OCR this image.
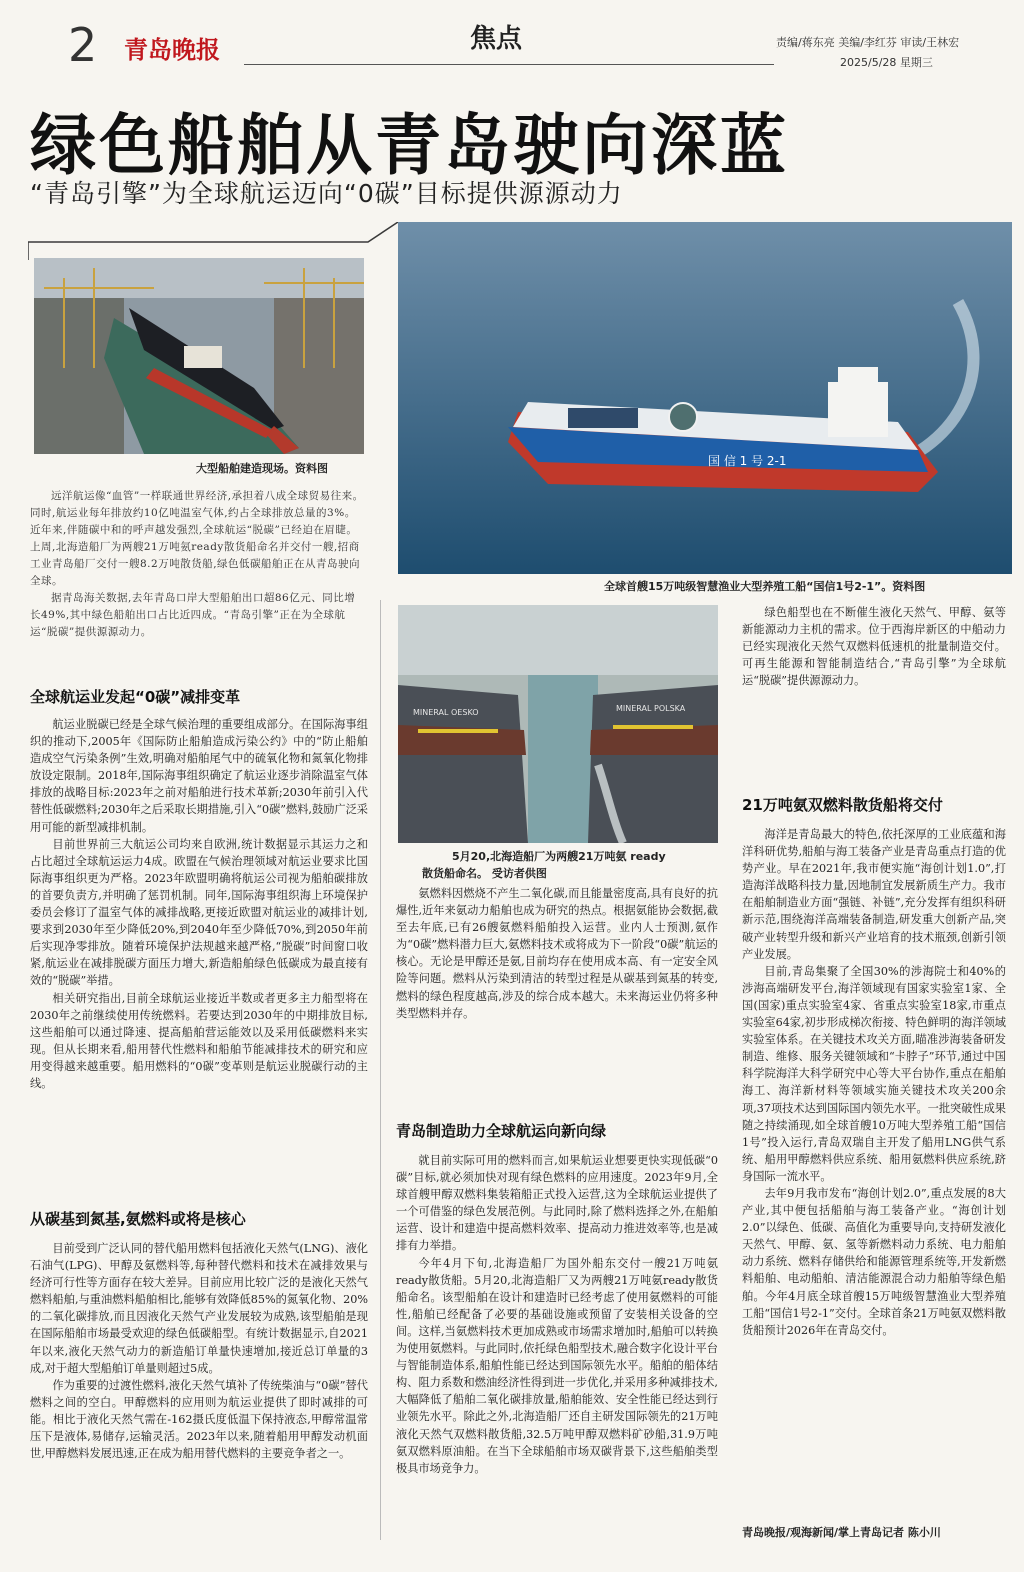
2 青岛晚报	焦点	责编/蒋东亮 美编/李红芬 审读/王林宏
2025/5/28 星期三
绿色船舶从青岛驶向深蓝
“青岛引擎”为全球航运迈向“0碳”目标提供源源动力
大型船舶建造现场。资料图
国 信 1 号 2-1
全球首艘15万吨级智慧渔业大型养殖工船“国信1号2-1”。资料图
MINERAL OESKO	MINERAL POLSKA
5月20,北海造船厂为两艘21万吨氨 ready
散货船命名。 受访者供图

远洋航运像“血管”一样联通世界经济,承担着八成全球贸易往来。同时,航运业每年排放约10亿吨温室气体,约占全球排放总量的3%。近年来,伴随碳中和的呼声越发强烈,全球航运“脱碳”已经迫在眉睫。上周,北海造船厂为两艘21万吨氨ready散货船命名并交付一艘,招商工业青岛船厂交付一艘8.2万吨散货船,绿色低碳船舶正在从青岛驶向全球。

据青岛海关数据,去年青岛口岸大型船舶出口超86亿元、同比增长49%,其中绿色船舶出口占比近四成。“青岛引擎”正在为全球航运“脱碳”提供源源动力。

全球航运业发起“0碳”减排变革

航运业脱碳已经是全球气候治理的重要组成部分。在国际海事组织的推动下,2005年《国际防止船舶造成污染公约》中的“防止船舶造成空气污染条例”生效,明确对船舶尾气中的硫氧化物和氮氧化物排放设定限制。2018年,国际海事组织确定了航运业逐步消除温室气体排放的战略目标:2023年之前对船舶进行技术革新;2030年前引入代替性低碳燃料;2030年之后采取长期措施,引入“0碳”燃料,鼓励广泛采用可能的新型减排机制。

目前世界前三大航运公司均来自欧洲,统计数据显示其运力之和占比超过全球航运运力4成。欧盟在气候治理领域对航运业要求比国际海事组织更为严格。2023年欧盟明确将航运公司视为船舶碳排放的首要负责方,并明确了惩罚机制。同年,国际海事组织海上环境保护委员会修订了温室气体的减排战略,更接近欧盟对航运业的减排计划,要求到2030年至少降低20%,到2040年至少降低70%,到2050年前后实现净零排放。随着环境保护法规越来越严格,“脱碳”时间窗口收紧,航运业在减排脱碳方面压力增大,新造船舶绿色低碳成为最直接有效的“脱碳”举措。

相关研究指出,目前全球航运业接近半数或者更多主力船型将在2030年之前继续使用传统燃料。若要达到2030年的中期排放目标,这些船舶可以通过降速、提高船舶营运能效以及采用低碳燃料来实现。但从长期来看,船用替代性燃料和船舶节能减排技术的研究和应用变得越来越重要。船用燃料的“0碳”变革则是航运业脱碳行动的主线。

从碳基到氮基,氨燃料或将是核心

目前受到广泛认同的替代船用燃料包括液化天然气(LNG)、液化石油气(LPG)、甲醇及氨燃料等,每种替代燃料和技术在减排效果与经济可行性等方面存在较大差异。目前应用比较广泛的是液化天然气燃料船舶,与重油燃料船舶相比,能够有效降低85%的氮氧化物、20%的二氧化碳排放,而且因液化天然气产业发展较为成熟,该型船舶是现在国际船舶市场最受欢迎的绿色低碳船型。有统计数据显示,自2021年以来,液化天然气动力的新造船订单量快速增加,接近总订单量的3成,对于超大型船舶订单量则超过5成。

作为重要的过渡性燃料,液化天然气填补了传统柴油与“0碳”替代燃料之间的空白。甲醇燃料的应用则为航运业提供了即时减排的可能。相比于液化天然气需在-162摄氏度低温下保持液态,甲醇常温常压下是液体,易储存,运输灵活。2023年以来,随着船用甲醇发动机面世,甲醇燃料发展迅速,正在成为船用替代燃料的主要竞争者之一。

氨燃料因燃烧不产生二氧化碳,而且能量密度高,具有良好的抗爆性,近年来氨动力船舶也成为研究的热点。根据氨能协会数据,截至去年底,已有26艘氨燃料船舶投入运营。业内人士预测,氨作为“0碳”燃料潜力巨大,氨燃料技术或将成为下一阶段“0碳”航运的核心。无论是甲醇还是氨,目前均存在使用成本高、有一定安全风险等问题。燃料从污染到清洁的转型过程是从碳基到氮基的转变,燃料的绿色程度越高,涉及的综合成本越大。未来海运业仍将多种类型燃料并存。

青岛制造助力全球航运向新向绿

就目前实际可用的燃料而言,如果航运业想要更快实现低碳“0碳”目标,就必须加快对现有绿色燃料的应用速度。2023年9月,全球首艘甲醇双燃料集装箱船正式投入运营,这为全球航运业提供了一个可借鉴的绿色发展范例。与此同时,除了燃料选择之外,在船舶运营、设计和建造中提高燃料效率、提高动力推进效率等,也是减排有力举措。

今年4月下旬,北海造船厂为国外船东交付一艘21万吨氨ready散货船。5月20,北海造船厂又为两艘21万吨氨ready散货船命名。该型船舶在设计和建造时已经考虑了使用氨燃料的可能性,船舶已经配备了必要的基础设施或预留了安装相关设备的空间。这样,当氨燃料技术更加成熟或市场需求增加时,船舶可以转换为使用氨燃料。与此同时,依托绿色船型技术,融合数字化设计平台与智能制造体系,船舶性能已经达到国际领先水平。船舶的船体结构、阻力系数和燃油经济性得到进一步优化,并采用多种减排技术,大幅降低了船舶二氧化碳排放量,船舶能效、安全性能已经达到行业领先水平。除此之外,北海造船厂还自主研发国际领先的21万吨液化天然气双燃料散货船,32.5万吨甲醇双燃料矿砂船,31.9万吨氨双燃料原油船。在当下全球船舶市场双碳背景下,这些船舶类型极具市场竞争力。

绿色船型也在不断催生液化天然气、甲醇、氨等新能源动力主机的需求。位于西海岸新区的中船动力已经实现液化天然气双燃料低速机的批量制造交付。可再生能源和智能制造结合,“青岛引擎”为全球航运“脱碳”提供源源动力。

21万吨氨双燃料散货船将交付

海洋是青岛最大的特色,依托深厚的工业底蕴和海洋科研优势,船舶与海工装备产业是青岛重点打造的优势产业。早在2021年,我市便实施“海创计划1.0”,打造海洋战略科技力量,因地制宜发展新质生产力。我市在船舶制造业方面“强链、补链”,充分发挥有组织科研新示范,围绕海洋高端装备制造,研发重大创新产品,突破产业转型升级和新兴产业培育的技术瓶颈,创新引领产业发展。

目前,青岛集聚了全国30%的涉海院士和40%的涉海高端研发平台,海洋领域现有国家实验室1家、全国(国家)重点实验室4家、省重点实验室18家,市重点实验室64家,初步形成梯次衔接、特色鲜明的海洋领域实验室体系。在关键技术攻关方面,瞄准涉海装备研发制造、维修、服务关键领域和“卡脖子”环节,通过中国科学院海洋大科学研究中心等大平台协作,重点在船舶海工、海洋新材料等领域实施关键技术攻关200余项,37项技术达到国际国内领先水平。一批突破性成果随之持续涌现,如全球首艘10万吨大型养殖工船“国信1号”投入运行,青岛双瑞自主开发了船用LNG供气系统、船用甲醇燃料供应系统、船用氨燃料供应系统,跻身国际一流水平。

去年9月我市发布“海创计划2.0”,重点发展的8大产业,其中便包括船舶与海工装备产业。“海创计划2.0”以绿色、低碳、高值化为重要导向,支持研发液化天然气、甲醇、氨、氢等新燃料动力系统、电力船舶动力系统、燃料存储供给和能源管理系统等,开发新燃料船舶、电动船舶、清洁能源混合动力船舶等绿色船舶。今年4月底全球首艘15万吨级智慧渔业大型养殖工船“国信1号2-1”交付。全球首条21万吨氨双燃料散货船预计2026年在青岛交付。

青岛晚报/观海新闻/掌上青岛记者 陈小川
